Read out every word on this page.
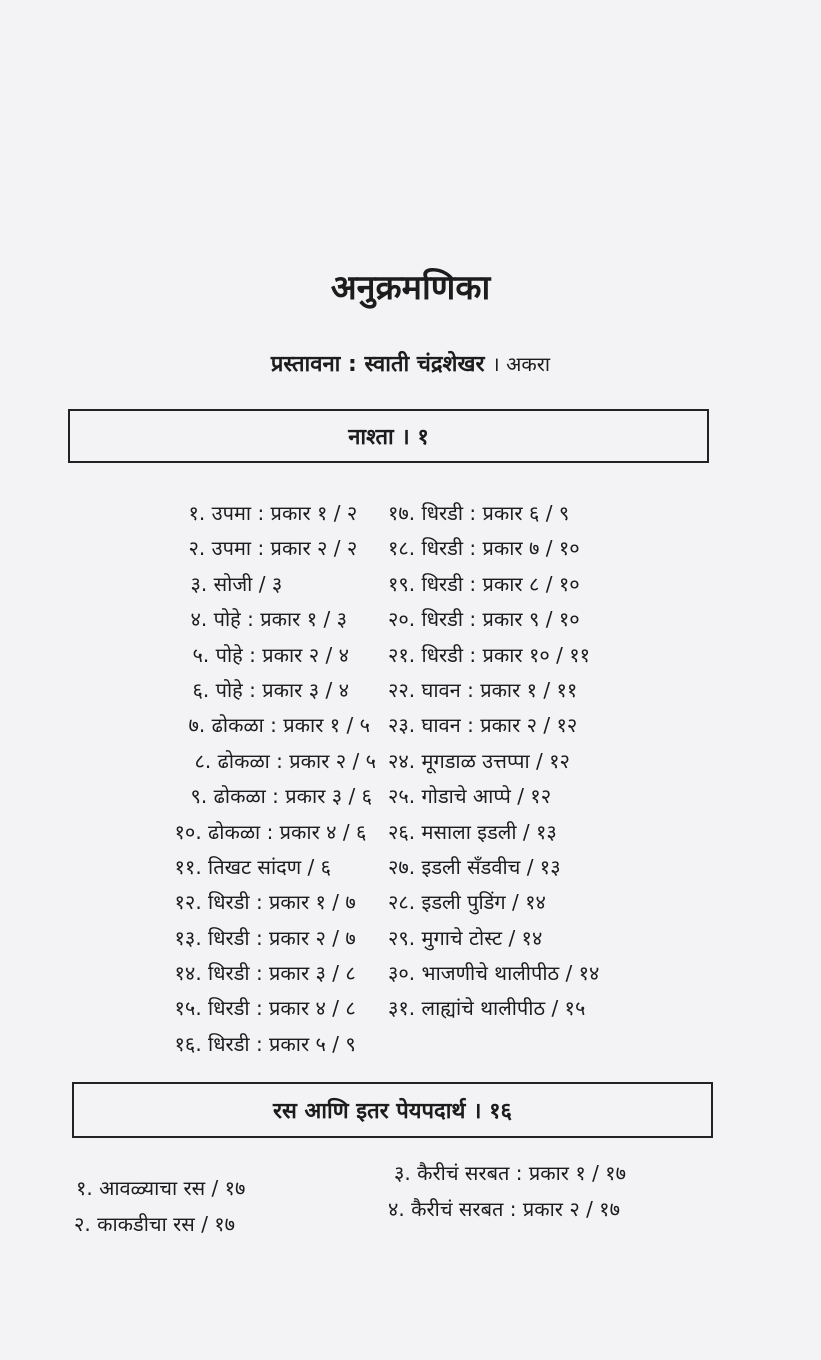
अनुक्रमणिका
प्रस्तावना : स्वाती चंद्रशेखर । अकरा
नाश्ता । १
१. उपमा : प्रकार १ / २
२. उपमा : प्रकार २ / २
३. सोजी / ३
४. पोहे : प्रकार १ / ३
५. पोहे : प्रकार २ / ४
६. पोहे : प्रकार ३ / ४
७. ढोकळा : प्रकार १ / ५
८. ढोकळा : प्रकार २ / ५
९. ढोकळा : प्रकार ३ / ६
१०. ढोकळा : प्रकार ४ / ६
११. तिखट सांदण / ६
१२. धिरडी : प्रकार १ / ७
१३. धिरडी : प्रकार २ / ७
१४. धिरडी : प्रकार ३ / ८
१५. धिरडी : प्रकार ४ / ८
१६. धिरडी : प्रकार ५ / ९
१७. धिरडी : प्रकार ६ / ९
१८. धिरडी : प्रकार ७ / १०
१९. धिरडी : प्रकार ८ / १०
२०. धिरडी : प्रकार ९ / १०
२१. धिरडी : प्रकार १० / ११
२२. घावन : प्रकार १ / ११
२३. घावन : प्रकार २ / १२
२४. मूगडाळ उत्तप्पा / १२
२५. गोडाचे आप्पे / १२
२६. मसाला इडली / १३
२७. इडली सँडवीच / १३
२८. इडली पुडिंग / १४
२९. मुगाचे टोस्ट / १४
३०. भाजणीचे थालीपीठ / १४
३१. लाह्यांचे थालीपीठ / १५
रस आणि इतर पेयपदार्थ । १६
१. आवळ्याचा रस / १७
२. काकडीचा रस / १७
३. कैरीचं सरबत : प्रकार १ / १७
४. कैरीचं सरबत : प्रकार २ / १७
